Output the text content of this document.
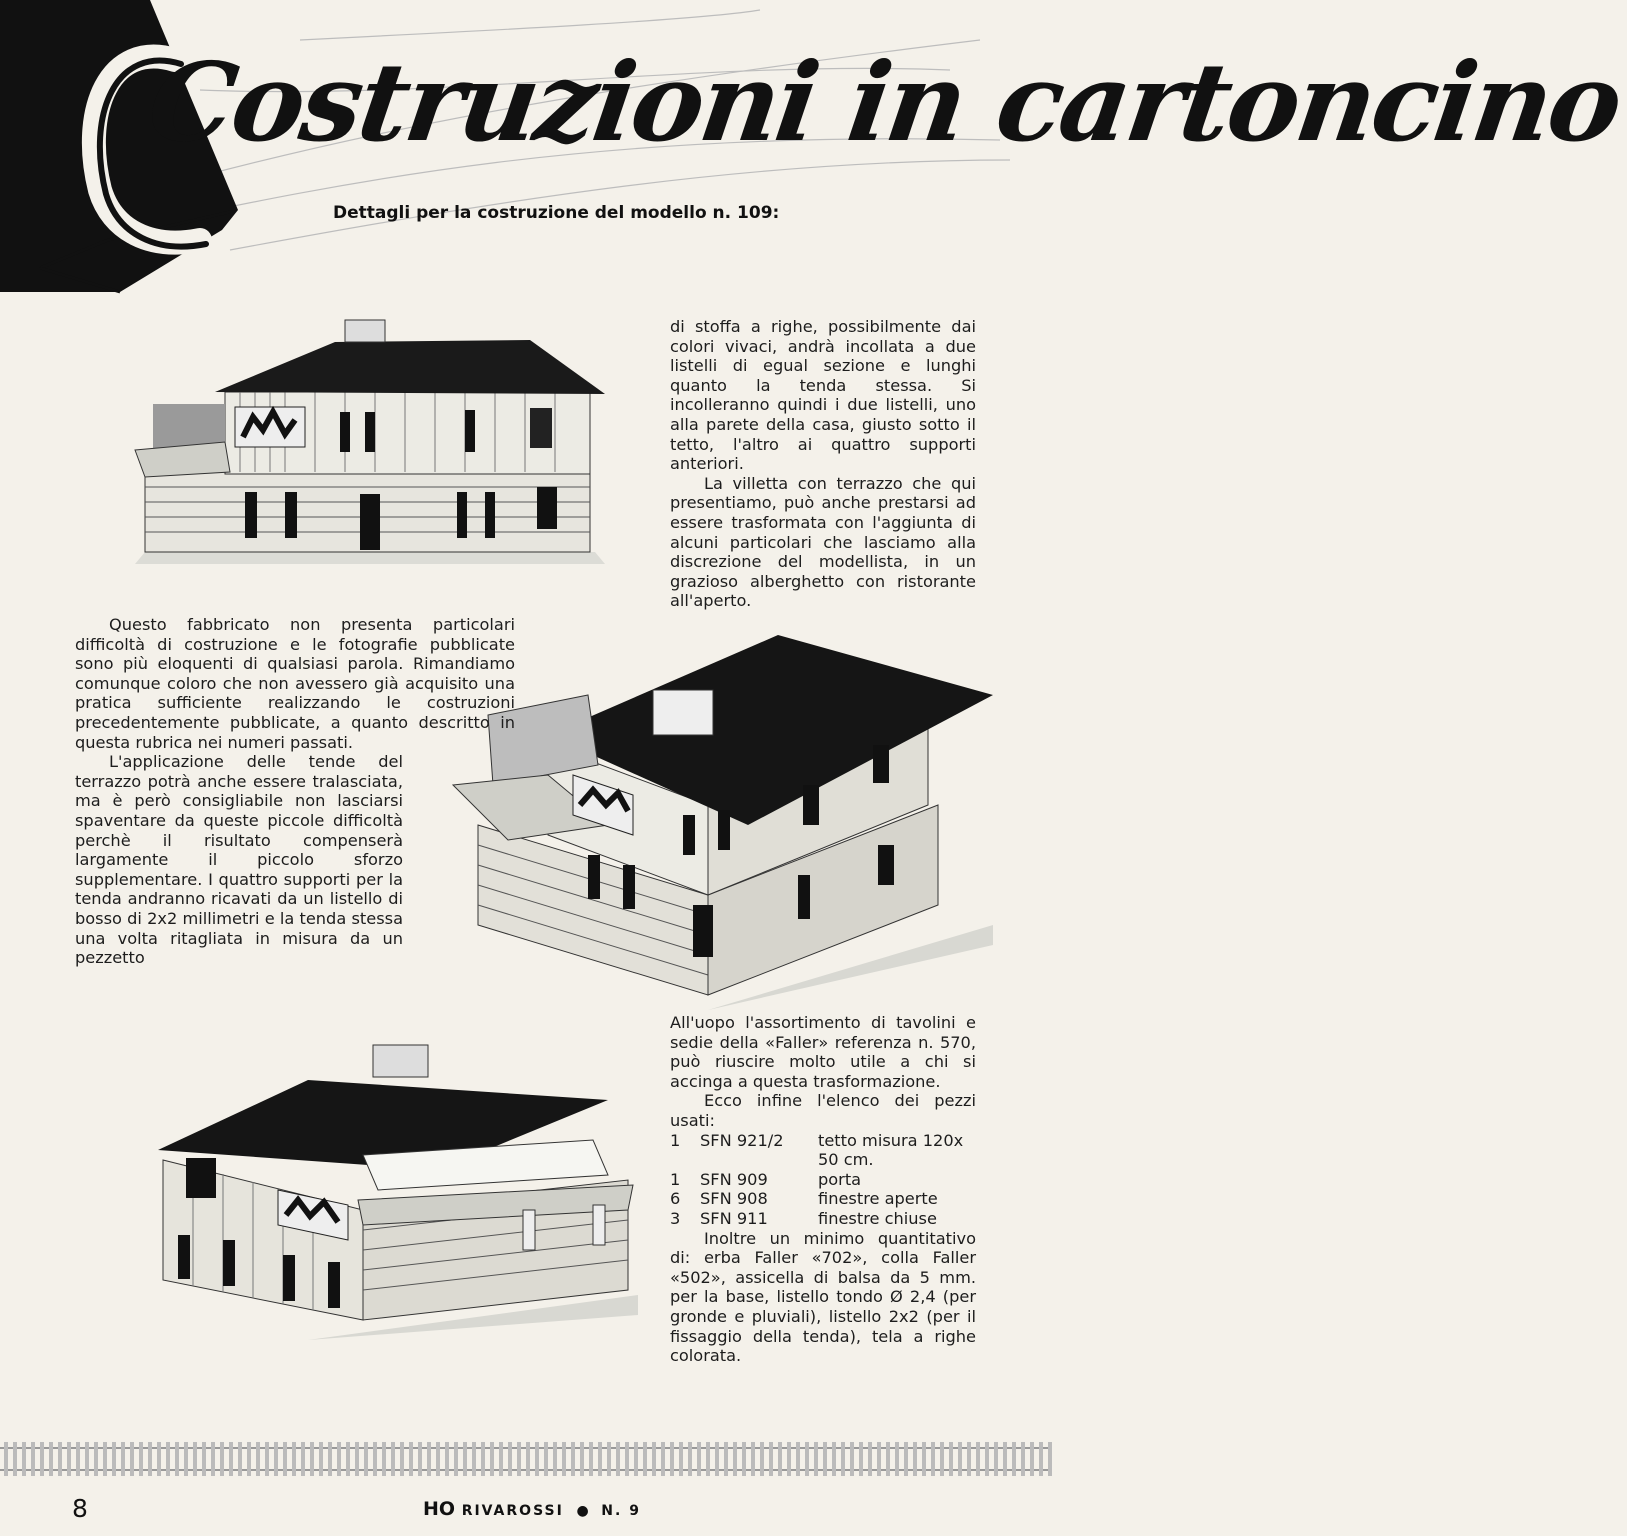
Costruzioni in cartoncino
Dettagli per la costruzione del modello n. 109:

di stoffa a righe, possibilmente dai colori vivaci, andrà incollata a due listelli di egual sezione e lunghi quanto la tenda stessa. Si incolleranno quindi i due listelli, uno alla parete della casa, giusto sotto il tetto, l'altro ai quattro supporti anteriori.

La villetta con terrazzo che qui presentiamo, può anche prestarsi ad essere trasformata con l'aggiunta di alcuni particolari che lasciamo alla discrezione del modellista, in un grazioso alberghetto con ristorante all'aperto.

Questo fabbricato non presenta particolari difficoltà di costruzione e le fotografie pubblicate sono più eloquenti di qualsiasi parola. Rimandiamo comunque coloro che non avessero già acquisito una pratica sufficiente realizzando le costruzioni precedentemente pubblicate, a quanto descritto in questa rubrica nei numeri passati.

L'applicazione delle tende del terrazzo potrà anche essere tralasciata, ma è però consigliabile non lasciarsi spaventare da queste piccole difficoltà perchè il risultato compenserà largamente il piccolo sforzo supplementare. I quattro supporti per la tenda andranno ricavati da un listello di bosso di 2x2 millimetri e la tenda stessa una volta ritagliata in misura da un pezzetto

All'uopo l'assortimento di tavolini e sedie della «Faller» referenza n. 570, può riuscire molto utile a chi si accinga a questa trasformazione.

Ecco infine l'elenco dei pezzi usati:

1	SFN 921/2	tetto misura 120x 50 cm.
1	SFN 909	porta
6	SFN 908	finestre aperte
3	SFN 911	finestre chiuse

Inoltre un minimo quantitativo di: erba Faller «702», colla Faller «502», assicella di balsa da 5 mm. per la base, listello tondo Ø 2,4 (per gronde e pluviali), listello 2x2 (per il fissaggio della tenda), tela a righe colorata.

8	HO RIVAROSSI ● N. 9
